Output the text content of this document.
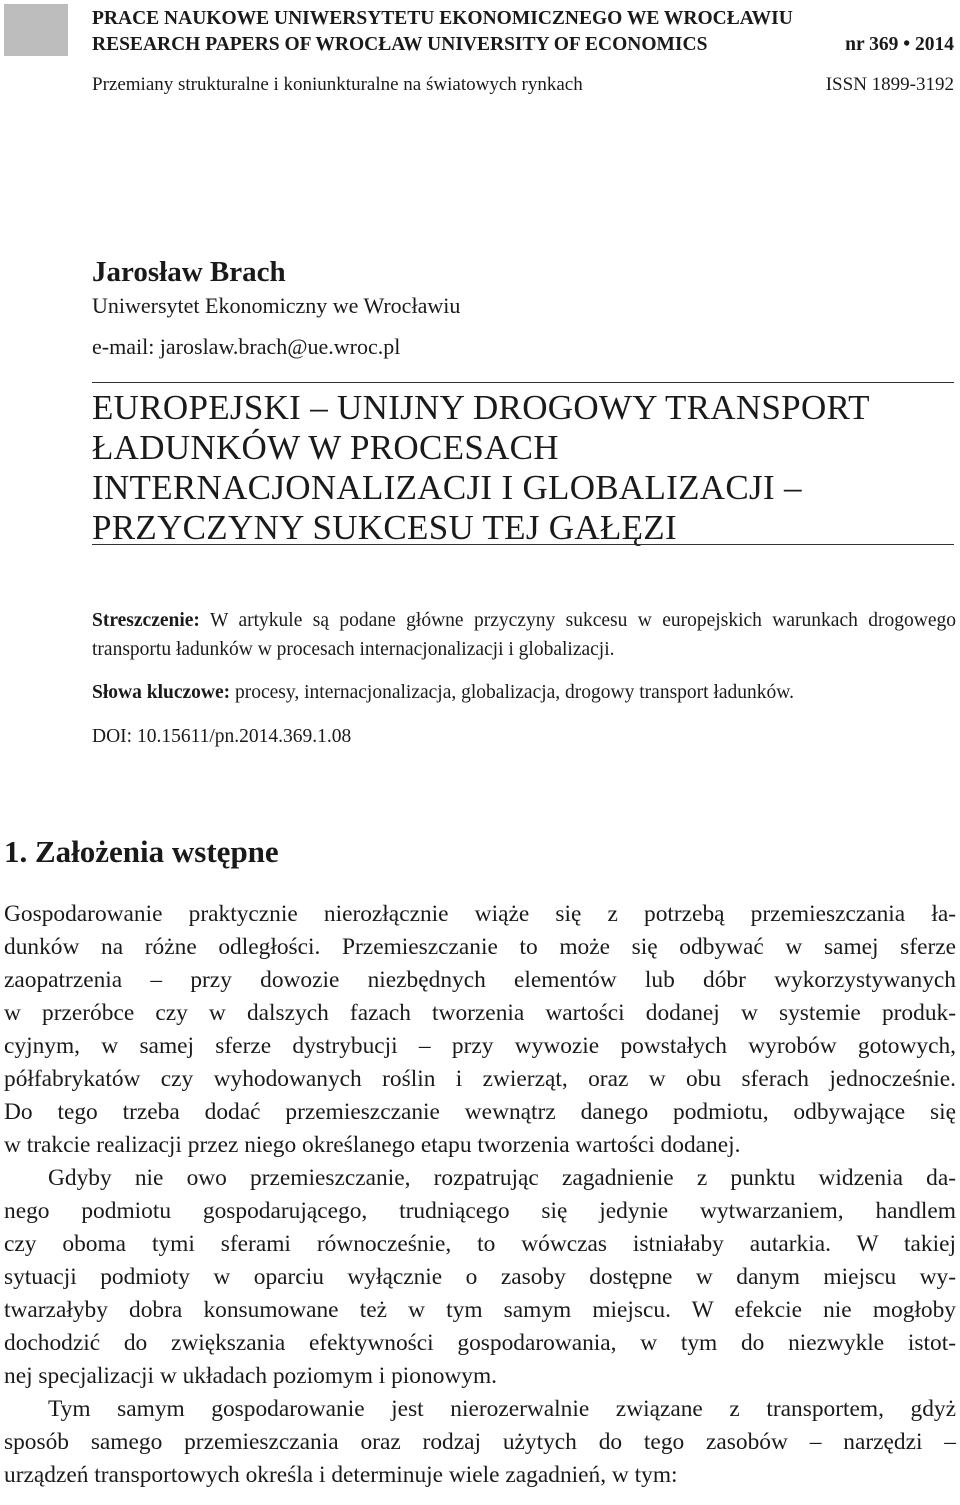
PRACE NAUKOWE UNIWERSYTETU EKONOMICZNEGO WE WROCŁAWIU
RESEARCH PAPERS OF WROCŁAW UNIVERSITY OF ECONOMICS	nr 369 • 2014
Przemiany strukturalne i koniunkturalne na światowych rynkach	ISSN 1899-3192
Jarosław Brach
Uniwersytet Ekonomiczny we Wrocławiu
e-mail: jaroslaw.brach@ue.wroc.pl
EUROPEJSKI – UNIJNY DROGOWY TRANSPORT
ŁADUNKÓW W PROCESACH
INTERNACJONALIZACJI I GLOBALIZACJI –
PRZYCZYNY SUKCESU TEJ GAŁĘZI
Streszczenie: W artykule są podane główne przyczyny sukcesu w europejskich warunkach drogowego transportu ładunków w procesach internacjonalizacji i globalizacji.
Słowa kluczowe: procesy, internacjonalizacja, globalizacja, drogowy transport ładunków.
DOI: 10.15611/pn.2014.369.1.08
1. Założenia wstępne
Gospodarowanie praktycznie nierozłącznie wiąże się z potrzebą przemieszczania ła-
dunków na różne odległości. Przemieszczanie to może się odbywać w samej sferze
zaopatrzenia – przy dowozie niezbędnych elementów lub dóbr wykorzystywanych
w przeróbce czy w dalszych fazach tworzenia wartości dodanej w systemie produk-
cyjnym, w samej sferze dystrybucji – przy wywozie powstałych wyrobów gotowych,
półfabrykatów czy wyhodowanych roślin i zwierząt, oraz w obu sferach jednocześnie.
Do tego trzeba dodać przemieszczanie wewnątrz danego podmiotu, odbywające się
w trakcie realizacji przez niego określanego etapu tworzenia wartości dodanej.
Gdyby nie owo przemieszczanie, rozpatrując zagadnienie z punktu widzenia da-
nego podmiotu gospodarującego, trudniącego się jedynie wytwarzaniem, handlem
czy oboma tymi sferami równocześnie, to wówczas istniałaby autarkia. W takiej
sytuacji podmioty w oparciu wyłącznie o zasoby dostępne w danym miejscu wy-
twarzałyby dobra konsumowane też w tym samym miejscu. W efekcie nie mogłoby
dochodzić do zwiększania efektywności gospodarowania, w tym do niezwykle istot-
nej specjalizacji w układach poziomym i pionowym.
Tym samym gospodarowanie jest nierozerwalnie związane z transportem, gdyż
sposób samego przemieszczania oraz rodzaj użytych do tego zasobów – narzędzi –
urządzeń transportowych określa i determinuje wiele zagadnień, w tym:
